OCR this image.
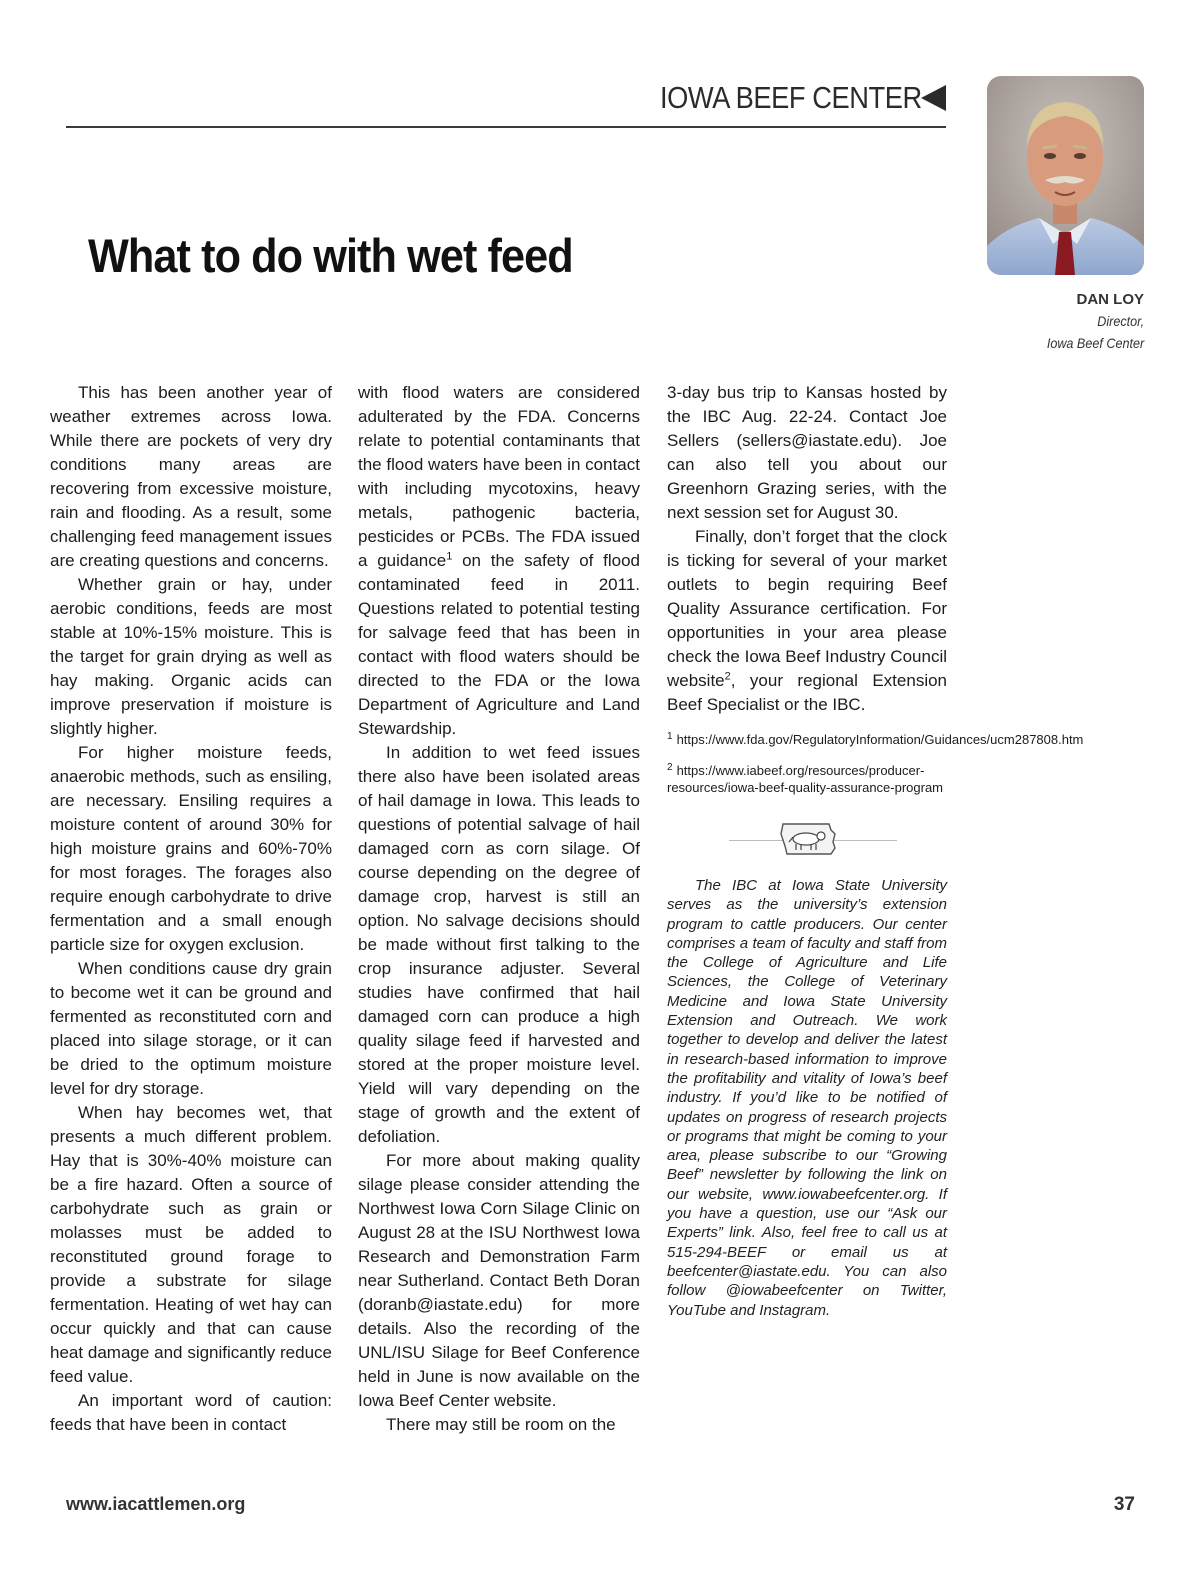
IOWA BEEF CENTER
What to do with wet feed
DAN LOY
Director,
Iowa Beef Center

This has been another year of weather extremes across Iowa. While there are pockets of very dry conditions many areas are recovering from excessive moisture, rain and flooding. As a result, some challenging feed management issues are creating questions and concerns.

Whether grain or hay, under aerobic conditions, feeds are most stable at 10%-15% moisture. This is the target for grain drying as well as hay making. Organic acids can improve preservation if moisture is slightly higher.

For higher moisture feeds, anaerobic methods, such as ensiling, are necessary. Ensiling requires a moisture content of around 30% for high moisture grains and 60%-70% for most forages. The forages also require enough carbohydrate to drive fermentation and a small enough particle size for oxygen exclusion.

When conditions cause dry grain to become wet it can be ground and fermented as reconstituted corn and placed into silage storage, or it can be dried to the optimum moisture level for dry storage.

When hay becomes wet, that presents a much different problem. Hay that is 30%-40% moisture can be a fire hazard. Often a source of carbohydrate such as grain or molasses must be added to reconstituted ground forage to provide a substrate for silage fermentation. Heating of wet hay can occur quickly and that can cause heat damage and significantly reduce feed value.

An important word of caution: feeds that have been in contact

with flood waters are considered adulterated by the FDA. Concerns relate to potential contaminants that the flood waters have been in contact with including mycotoxins, heavy metals, pathogenic bacteria, pesticides or PCBs. The FDA issued a guidance$^1$ on the safety of flood contaminated feed in 2011. Questions related to potential testing for salvage feed that has been in contact with flood waters should be directed to the FDA or the Iowa Department of Agriculture and Land Stewardship.

In addition to wet feed issues there also have been isolated areas of hail damage in Iowa. This leads to questions of potential salvage of hail damaged corn as corn silage. Of course depending on the degree of damage crop, harvest is still an option. No salvage decisions should be made without first talking to the crop insurance adjuster. Several studies have confirmed that hail damaged corn can produce a high quality silage feed if harvested and stored at the proper moisture level. Yield will vary depending on the stage of growth and the extent of defoliation.

For more about making quality silage please consider attending the Northwest Iowa Corn Silage Clinic on August 28 at the ISU Northwest Iowa Research and Demonstration Farm near Sutherland. Contact Beth Doran (doranb@iastate.edu) for more details. Also the recording of the UNL/ISU Silage for Beef Conference held in June is now available on the Iowa Beef Center website.

There may still be room on the

3-day bus trip to Kansas hosted by the IBC Aug. 22-24. Contact Joe Sellers (sellers@iastate.edu). Joe can also tell you about our Greenhorn Grazing series, with the next session set for August 30.

Finally, don’t forget that the clock is ticking for several of your market outlets to begin requiring Beef Quality Assurance certification. For opportunities in your area please check the Iowa Beef Industry Council website$^2$, your regional Extension Beef Specialist or the IBC.

$^1$ https://www.fda.gov/RegulatoryInformation/Guidances/ucm287808.htm

$^2$ https://www.iabeef.org/resources/producer-resources/iowa-beef-quality-assurance-program

The IBC at Iowa State University serves as the university’s extension program to cattle producers. Our center comprises a team of faculty and staff from the College of Agriculture and Life Sciences, the College of Veterinary Medicine and Iowa State University Extension and Outreach. We work together to develop and deliver the latest in research-based information to improve the profitability and vitality of Iowa’s beef industry. If you’d like to be notified of updates on progress of research projects or programs that might be coming to your area, please subscribe to our “Growing Beef” newsletter by following the link on our website, www.iowabeefcenter.org. If you have a question, use our “Ask our Experts” link. Also, feel free to call us at 515-294-BEEF or email us at beefcenter@iastate.edu. You can also follow @iowabeefcenter on Twitter, YouTube and Instagram.

www.iacattlemen.org	37
